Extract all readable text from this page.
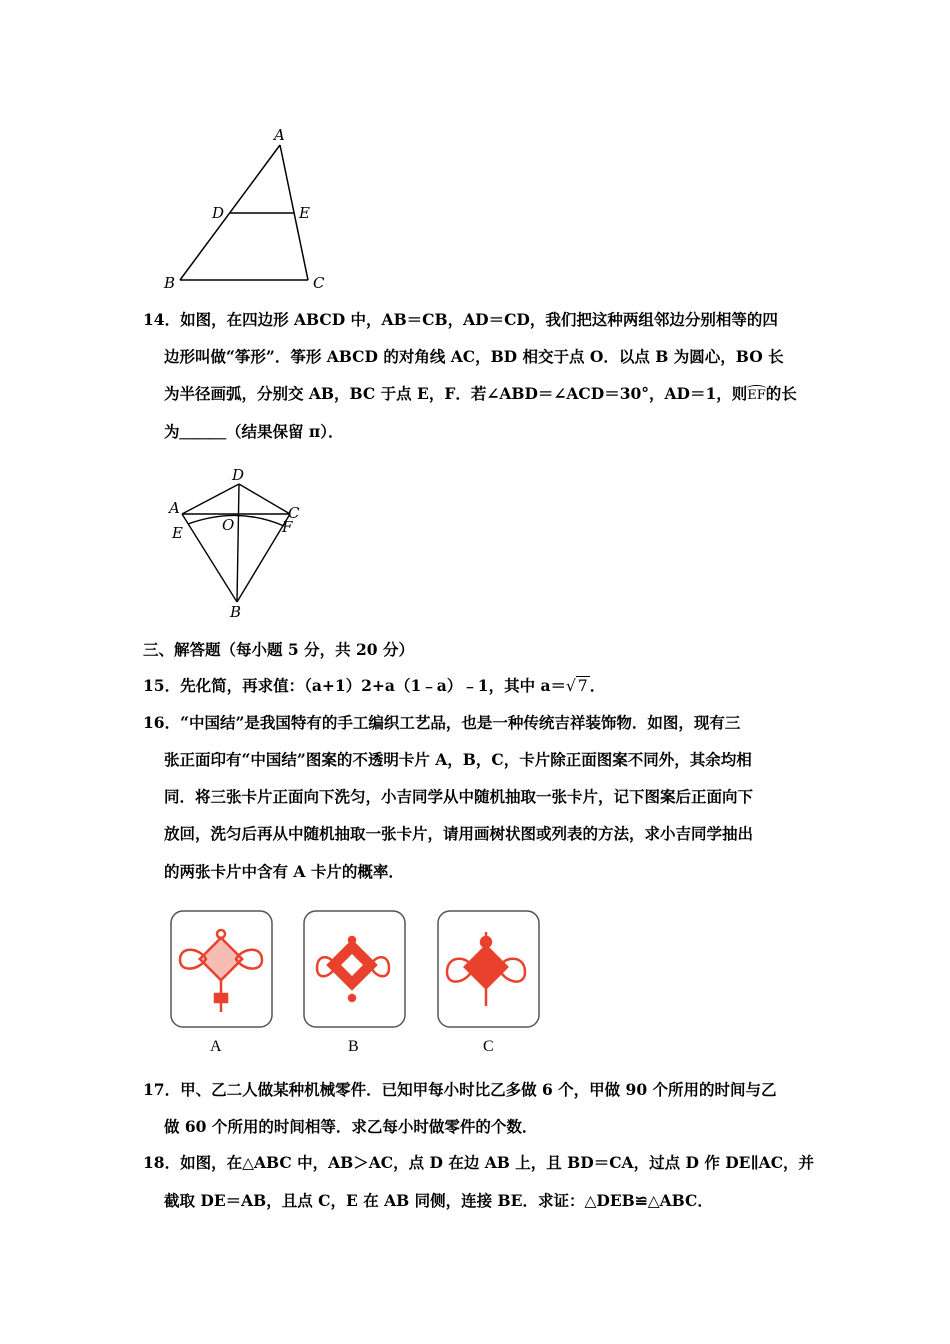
A
B	C
D	E
14．如图，在四边形 ABCD 中，AB＝CB，AD＝CD，我们把这种两组邻边分别相等的四
边形叫做“筝形”．筝形 ABCD 的对角线 AC，BD 相交于点 O．以点 B 为圆心，BO 长
为半径画弧，分别交 AB，BC 于点 E，F．若∠ABD＝∠ACD＝30°，AD＝1，则
EF的长
为＿＿＿（结果保留 π）．
D
A	C
E	O	F
B
三、解答题（每小题 5 分，共 20 分）
15．先化简，再求值：（a+1）2+a（1﹣a）﹣1，其中 a＝√ 7 ．
16．“中国结”是我国特有的手工编织工艺品，也是一种传统吉祥装饰物．如图，现有三
张正面印有“中国结”图案的不透明卡片 A，B，C，卡片除正面图案不同外，其余均相
同．将三张卡片正面向下洗匀，小吉同学从中随机抽取一张卡片，记下图案后正面向下
放回，洗匀后再从中随机抽取一张卡片，请用画树状图或列表的方法，求小吉同学抽出
的两张卡片中含有 A 卡片的概率．
A	B	C
17．甲、乙二人做某种机械零件．已知甲每小时比乙多做 6 个，甲做 90 个所用的时间与乙
做 60 个所用的时间相等．求乙每小时做零件的个数．
18．如图，在△ABC 中，AB＞AC，点 D 在边 AB 上，且 BD＝CA，过点 D 作 DE∥AC，并
截取 DE＝AB，且点 C，E 在 AB 同侧，连接 BE．求证：△DEB≌△ABC．
